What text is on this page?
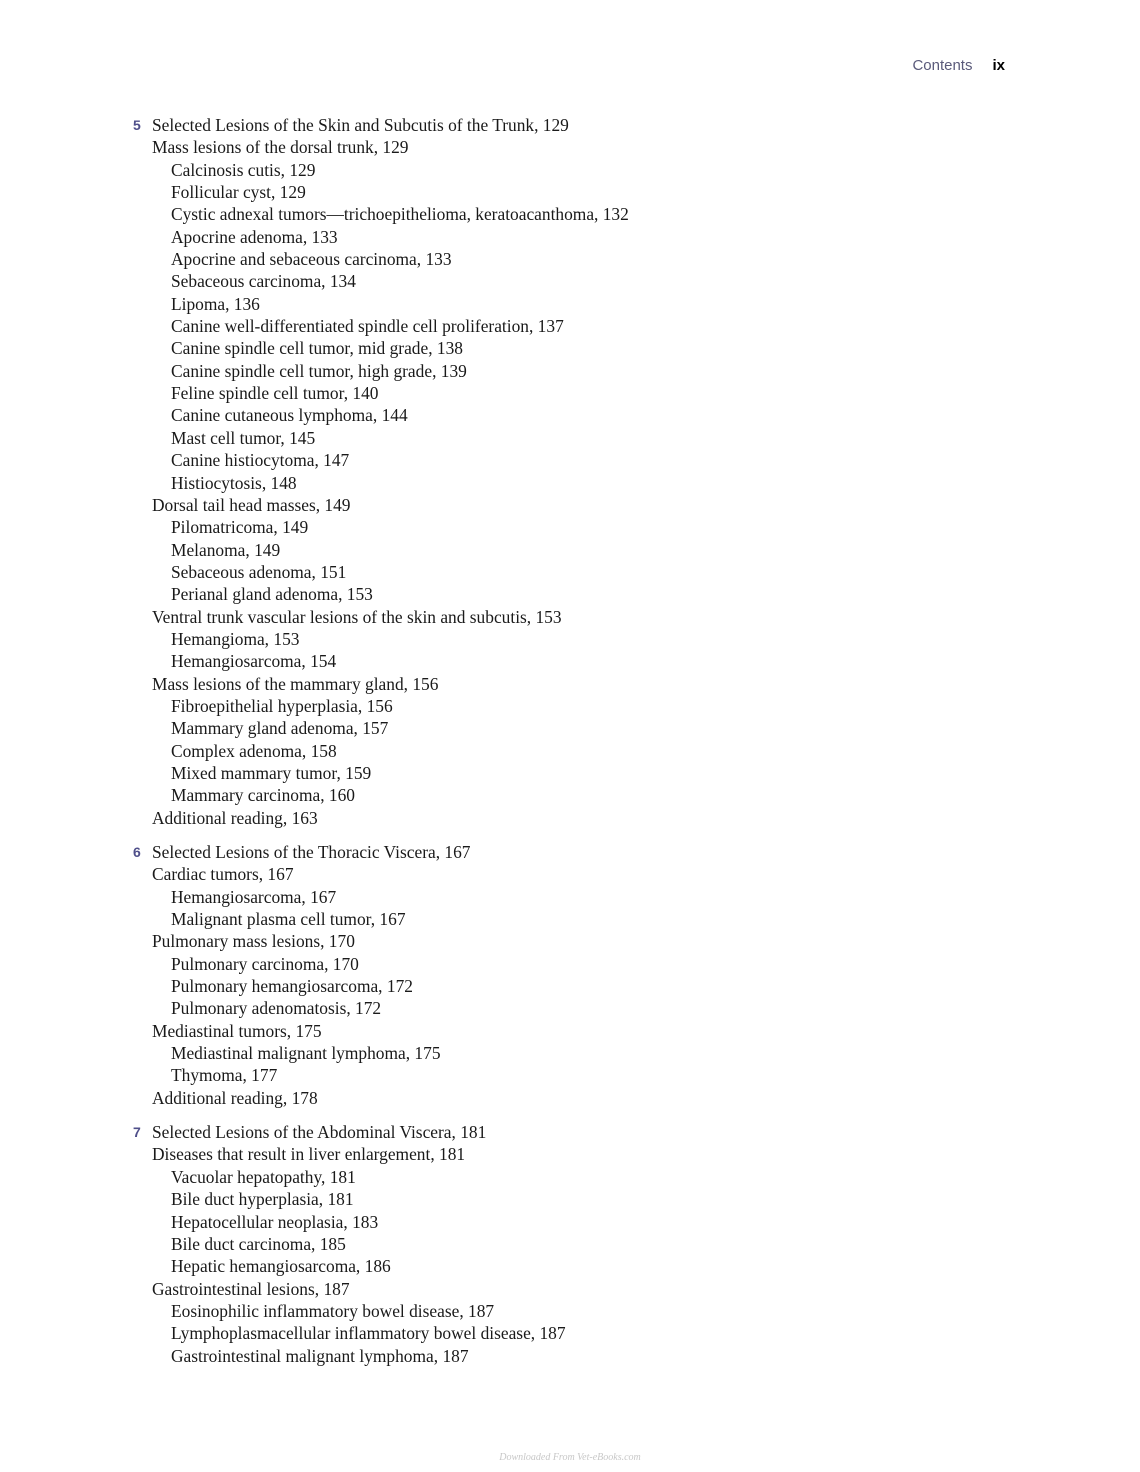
Contents ix
5 Selected Lesions of the Skin and Subcutis of the Trunk, 129
Mass lesions of the dorsal trunk, 129
Calcinosis cutis, 129
Follicular cyst, 129
Cystic adnexal tumors—trichoepithelioma, keratoacanthoma, 132
Apocrine adenoma, 133
Apocrine and sebaceous carcinoma, 133
Sebaceous carcinoma, 134
Lipoma, 136
Canine well-differentiated spindle cell proliferation, 137
Canine spindle cell tumor, mid grade, 138
Canine spindle cell tumor, high grade, 139
Feline spindle cell tumor, 140
Canine cutaneous lymphoma, 144
Mast cell tumor, 145
Canine histiocytoma, 147
Histiocytosis, 148
Dorsal tail head masses, 149
Pilomatricoma, 149
Melanoma, 149
Sebaceous adenoma, 151
Perianal gland adenoma, 153
Ventral trunk vascular lesions of the skin and subcutis, 153
Hemangioma, 153
Hemangiosarcoma, 154
Mass lesions of the mammary gland, 156
Fibroepithelial hyperplasia, 156
Mammary gland adenoma, 157
Complex adenoma, 158
Mixed mammary tumor, 159
Mammary carcinoma, 160
Additional reading, 163
6 Selected Lesions of the Thoracic Viscera, 167
Cardiac tumors, 167
Hemangiosarcoma, 167
Malignant plasma cell tumor, 167
Pulmonary mass lesions, 170
Pulmonary carcinoma, 170
Pulmonary hemangiosarcoma, 172
Pulmonary adenomatosis, 172
Mediastinal tumors, 175
Mediastinal malignant lymphoma, 175
Thymoma, 177
Additional reading, 178
7 Selected Lesions of the Abdominal Viscera, 181
Diseases that result in liver enlargement, 181
Vacuolar hepatopathy, 181
Bile duct hyperplasia, 181
Hepatocellular neoplasia, 183
Bile duct carcinoma, 185
Hepatic hemangiosarcoma, 186
Gastrointestinal lesions, 187
Eosinophilic inflammatory bowel disease, 187
Lymphoplasmacellular inflammatory bowel disease, 187
Gastrointestinal malignant lymphoma, 187
Downloaded From Vet-eBooks.com
